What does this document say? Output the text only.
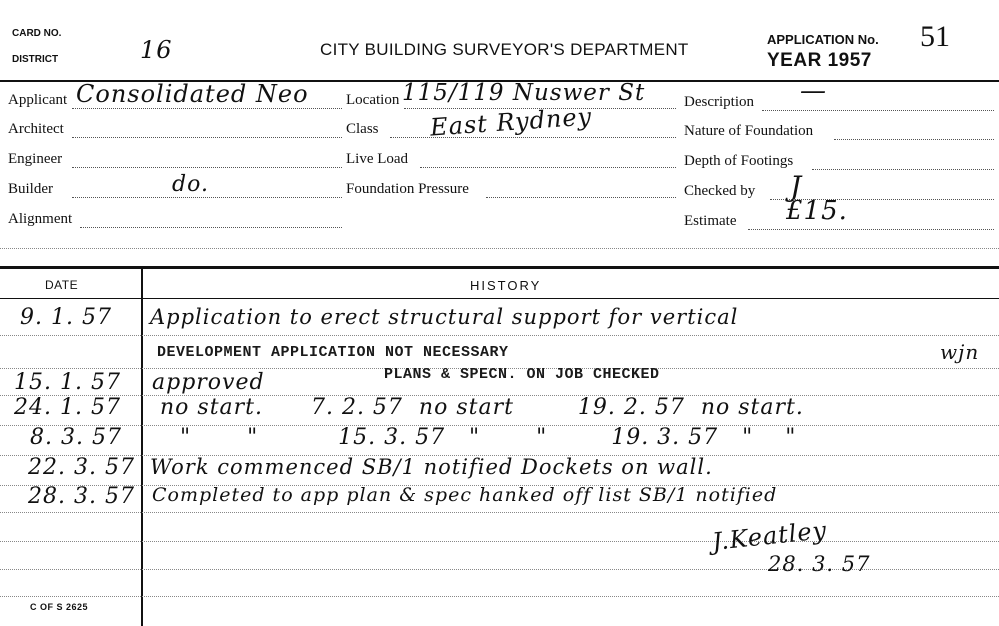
CARD NO.
DISTRICT	16	CITY BUILDING SURVEYOR'S DEPARTMENT
APPLICATION No. 51
YEAR 1957
Applicant Consolidated Neo
Architect
Engineer
Builder	do.
Alignment
Location 115/119 Nuswer St
Class East Rydney
Live Load
Foundation Pressure
Description —
Nature of Foundation
Depth of Footings
Checked by J
Estimate £15.
DATE	HISTORY
9. 1. 57 Application to erect structural support for vertical
DEVELOPMENT APPLICATION NOT NECESSARY	wjn
15. 1. 57 approved	PLANS & SPECN. ON JOB CHECKED
24. 1. 57 no start.      7. 2. 57  no start        19. 2. 57  no start.
8. 3. 57	"       "          15. 3. 57   "       "        19. 3. 57   "    "
22. 3. 57 Work commenced SB/1 notified Dockets on wall.
28. 3. 57 Completed to app plan & spec hanked off list SB/1 notified
J.Keatley
28. 3. 57
C OF S 2625
